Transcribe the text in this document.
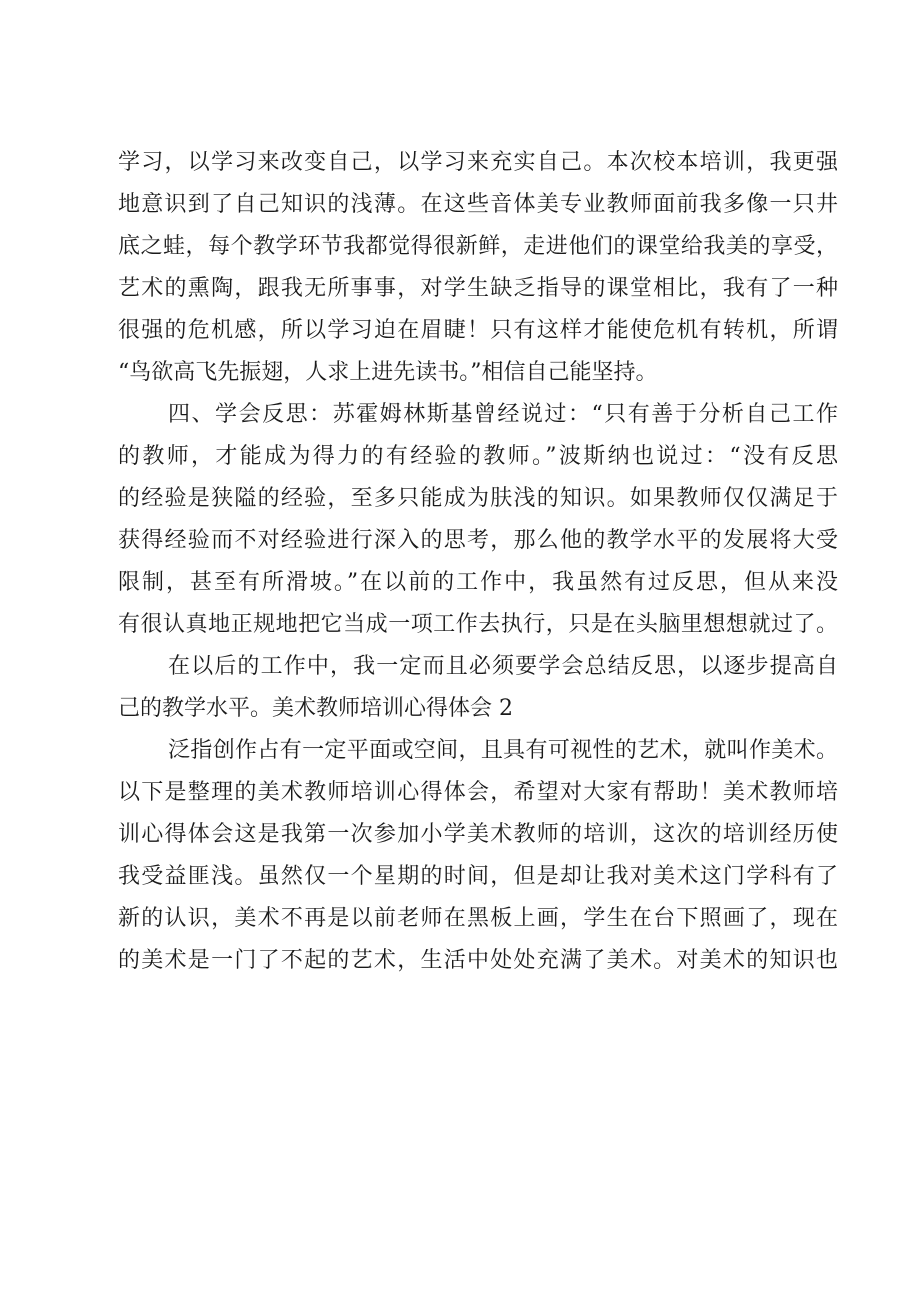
学习，以学习来改变自己，以学习来充实自己。本次校本培训，我更强
地意识到了自己知识的浅薄。在这些音体美专业教师面前我多像一只井
底之蛙，每个教学环节我都觉得很新鲜，走进他们的课堂给我美的享受，
艺术的熏陶，跟我无所事事，对学生缺乏指导的课堂相比，我有了一种
很强的危机感，所以学习迫在眉睫！只有这样才能使危机有转机，所谓
“鸟欲高飞先振翅，人求上进先读书。”相信自己能坚持。
四、学会反思：苏霍姆林斯基曾经说过：“只有善于分析自己工作
的教师，才能成为得力的有经验的教师。”波斯纳也说过：“没有反思
的经验是狭隘的经验，至多只能成为肤浅的知识。如果教师仅仅满足于
获得经验而不对经验进行深入的思考，那么他的教学水平的发展将大受
限制，甚至有所滑坡。”在以前的工作中，我虽然有过反思，但从来没
有很认真地正规地把它当成一项工作去执行，只是在头脑里想想就过了。
在以后的工作中，我一定而且必须要学会总结反思，以逐步提高自
己的教学水平。美术教师培训心得体会 2
泛指创作占有一定平面或空间，且具有可视性的艺术，就叫作美术。
以下是整理的美术教师培训心得体会，希望对大家有帮助！美术教师培
训心得体会这是我第一次参加小学美术教师的培训，这次的培训经历使
我受益匪浅。虽然仅一个星期的时间，但是却让我对美术这门学科有了
新的认识，美术不再是以前老师在黑板上画，学生在台下照画了，现在
的美术是一门了不起的艺术，生活中处处充满了美术。对美术的知识也
